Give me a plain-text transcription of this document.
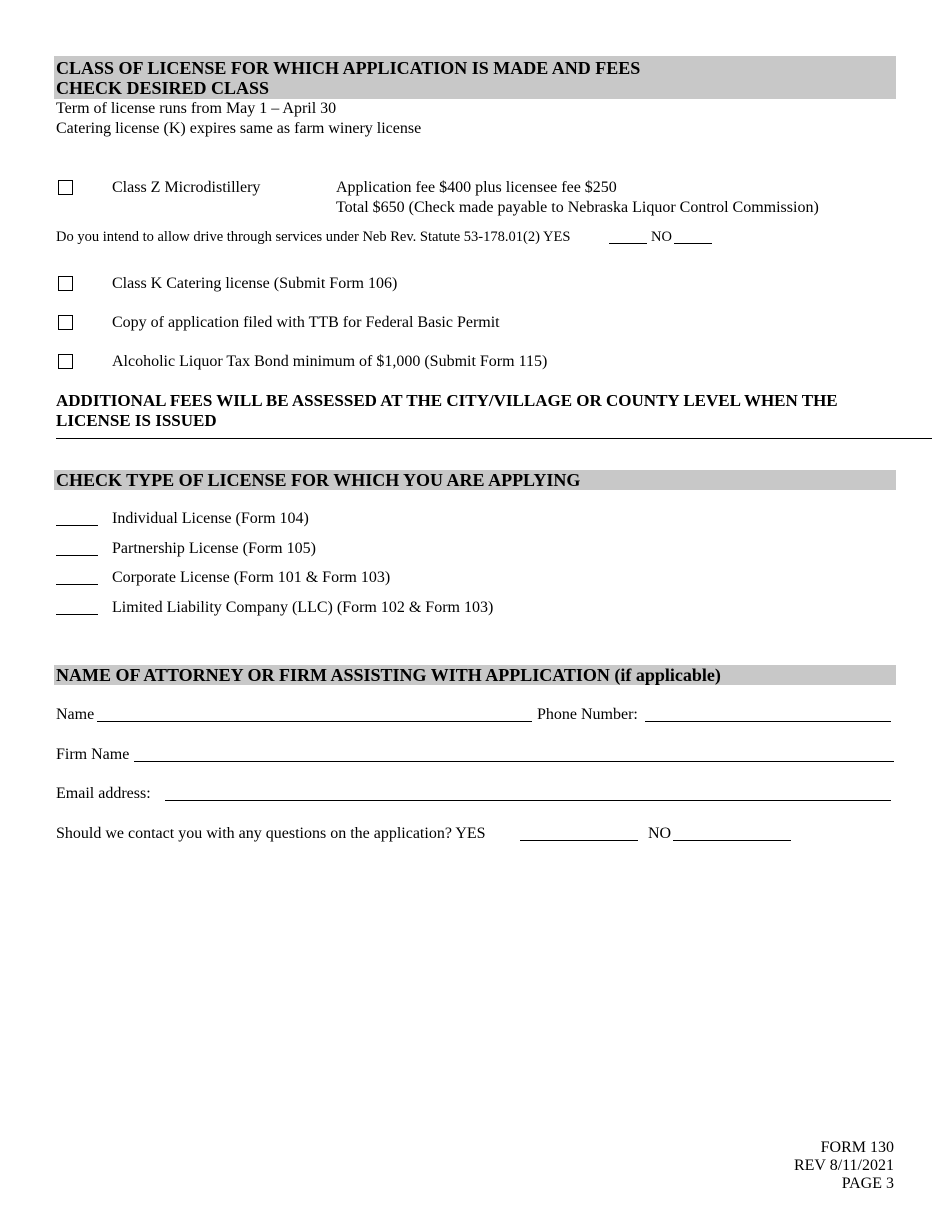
CLASS OF LICENSE FOR WHICH APPLICATION IS MADE AND FEES
CHECK DESIRED CLASS
Term of license runs from May 1 – April 30
Catering license (K) expires same as farm winery license
Class Z Microdistillery	Application fee $400 plus licensee fee $250
Total $650 (Check made payable to Nebraska Liquor Control Commission)
Do you intend to allow drive through services under Neb Rev. Statute 53-178.01(2) YES	NO
Class K Catering license (Submit Form 106)
Copy of application filed with TTB for Federal Basic Permit
Alcoholic Liquor Tax Bond minimum of $1,000 (Submit Form 115)
ADDITIONAL FEES WILL BE ASSESSED AT THE CITY/VILLAGE OR COUNTY LEVEL WHEN THE
LICENSE IS ISSUED
CHECK TYPE OF LICENSE FOR WHICH YOU ARE APPLYING
Individual License (Form 104)
Partnership License (Form 105)
Corporate License (Form 101 & Form 103)
Limited Liability Company (LLC) (Form 102 & Form 103)
NAME OF ATTORNEY OR FIRM ASSISTING WITH APPLICATION (if applicable)
Name	Phone Number:
Firm Name
Email address:
Should we contact you with any questions on the application? YES	NO
FORM 130
REV 8/11/2021
PAGE 3
